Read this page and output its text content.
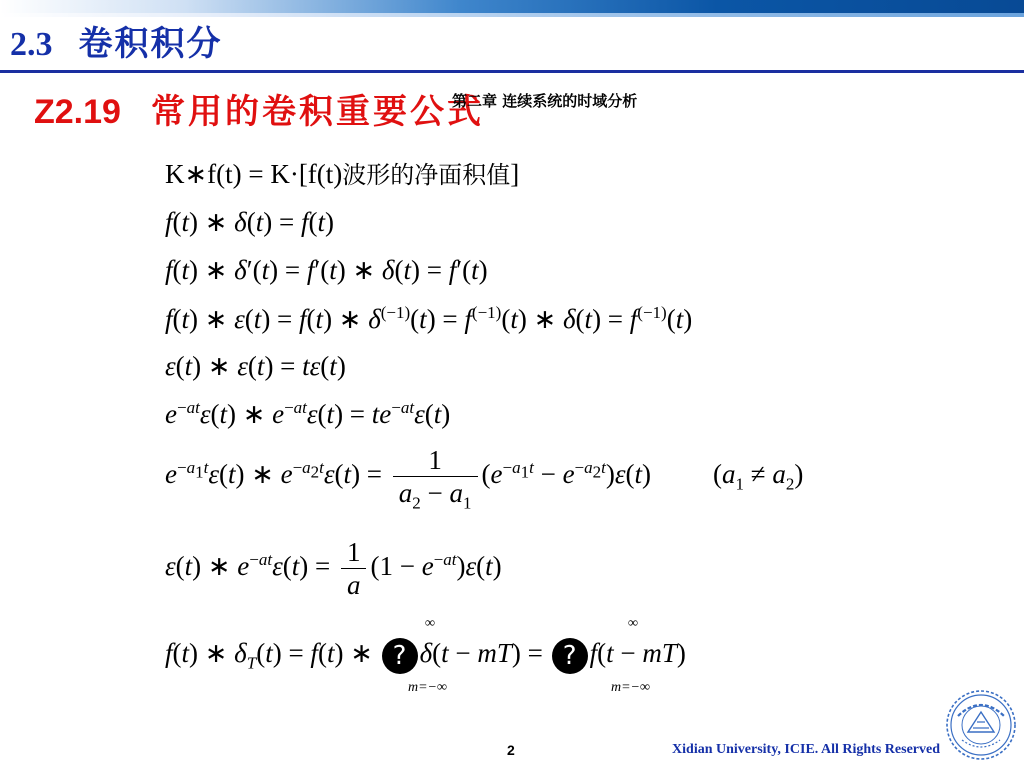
2.3 卷积积分
Z2.19 常用的卷积重要公式
第二章 连续系统的时域分析
K∗f(t) = K·[f(t)波形的净面积值]
f(t) ∗ δ(t) = f(t)
f(t) ∗ δ′(t) = f′(t) ∗ δ(t) = f′(t)
f(t) ∗ ε(t) = f(t) ∗ $\delta^{(-1)}(t) = f^{(-1)}(t)$ ∗ $\delta(t) = f^{(-1)}(t)$
ε(t) ∗ ε(t) = tε(t)
$e^{-at}\varepsilon(t)$ ∗ $e^{-at}\varepsilon(t) = te^{-at}\varepsilon(t)$
$e^{-a_1t}\varepsilon(t)$ ∗ $e^{-a_2t}\varepsilon(t) = \frac{1}{a_2 - a_1} (e^{-a_1t} - e^{-a_2t})\varepsilon(t) (a_1 \ne a_2)$
ε(t) ∗ $e^{-at}\varepsilon(t) = \frac{1}{a} (1 - e^{-at})\varepsilon(t)$
f(t) ∗ $\delta_T(t) = f(t)$ ∗ ? δ(t − mT) = ? f(t − mT)
∞
m=−∞
∞
m=−∞
2	Xidian University, ICIE. All Rights Reserved
